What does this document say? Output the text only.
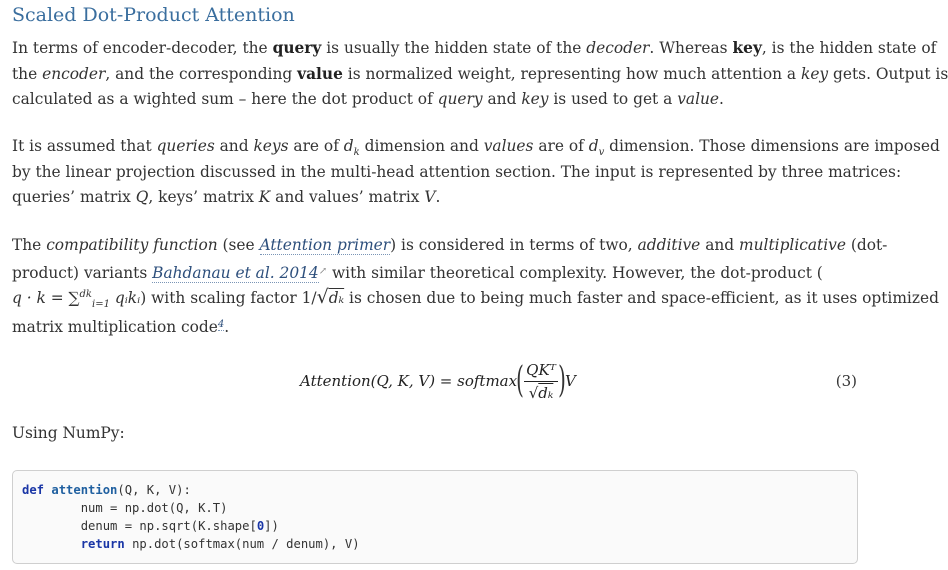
Scaled Dot-Product Attention
In terms of encoder-decoder, the query is usually the hidden state of the decoder. Whereas key, is the hidden state of
the encoder, and the corresponding value is normalized weight, representing how much attention a key gets. Output is
calculated as a wighted sum – here the dot product of query and key is used to get a value.
It is assumed that queries and keys are of $d_k$ dimension and values are of $d_v$ dimension. Those dimensions are imposed
by the linear projection discussed in the multi-head attention section. The input is represented by three matrices:
queries’ matrix Q, keys’ matrix K and values’ matrix V.
The compatibility function (see Attention primer) is considered in terms of two, additive and multiplicative (dot-
product) variants Bahdanau et al. 2014↗ with similar theoretical complexity. However, the dot-product (
q · k = ∑$^{dk}_{i=1}$ qᵢkᵢ) with scaling factor 1/√dₖ is chosen due to being much faster and space-efficient, as it uses optimized
matrix multiplication code$^4$.
Attention(Q, K, V) = softmax ( $\frac{\text{QKᵀ}}{\text{√dₖ}}$ ) V	(3)
Using NumPy:
def attention(Q, K, V):
num = np.dot(Q, K.T)
denum = np.sqrt(K.shape[0])
return np.dot(softmax(num / denum), V)
